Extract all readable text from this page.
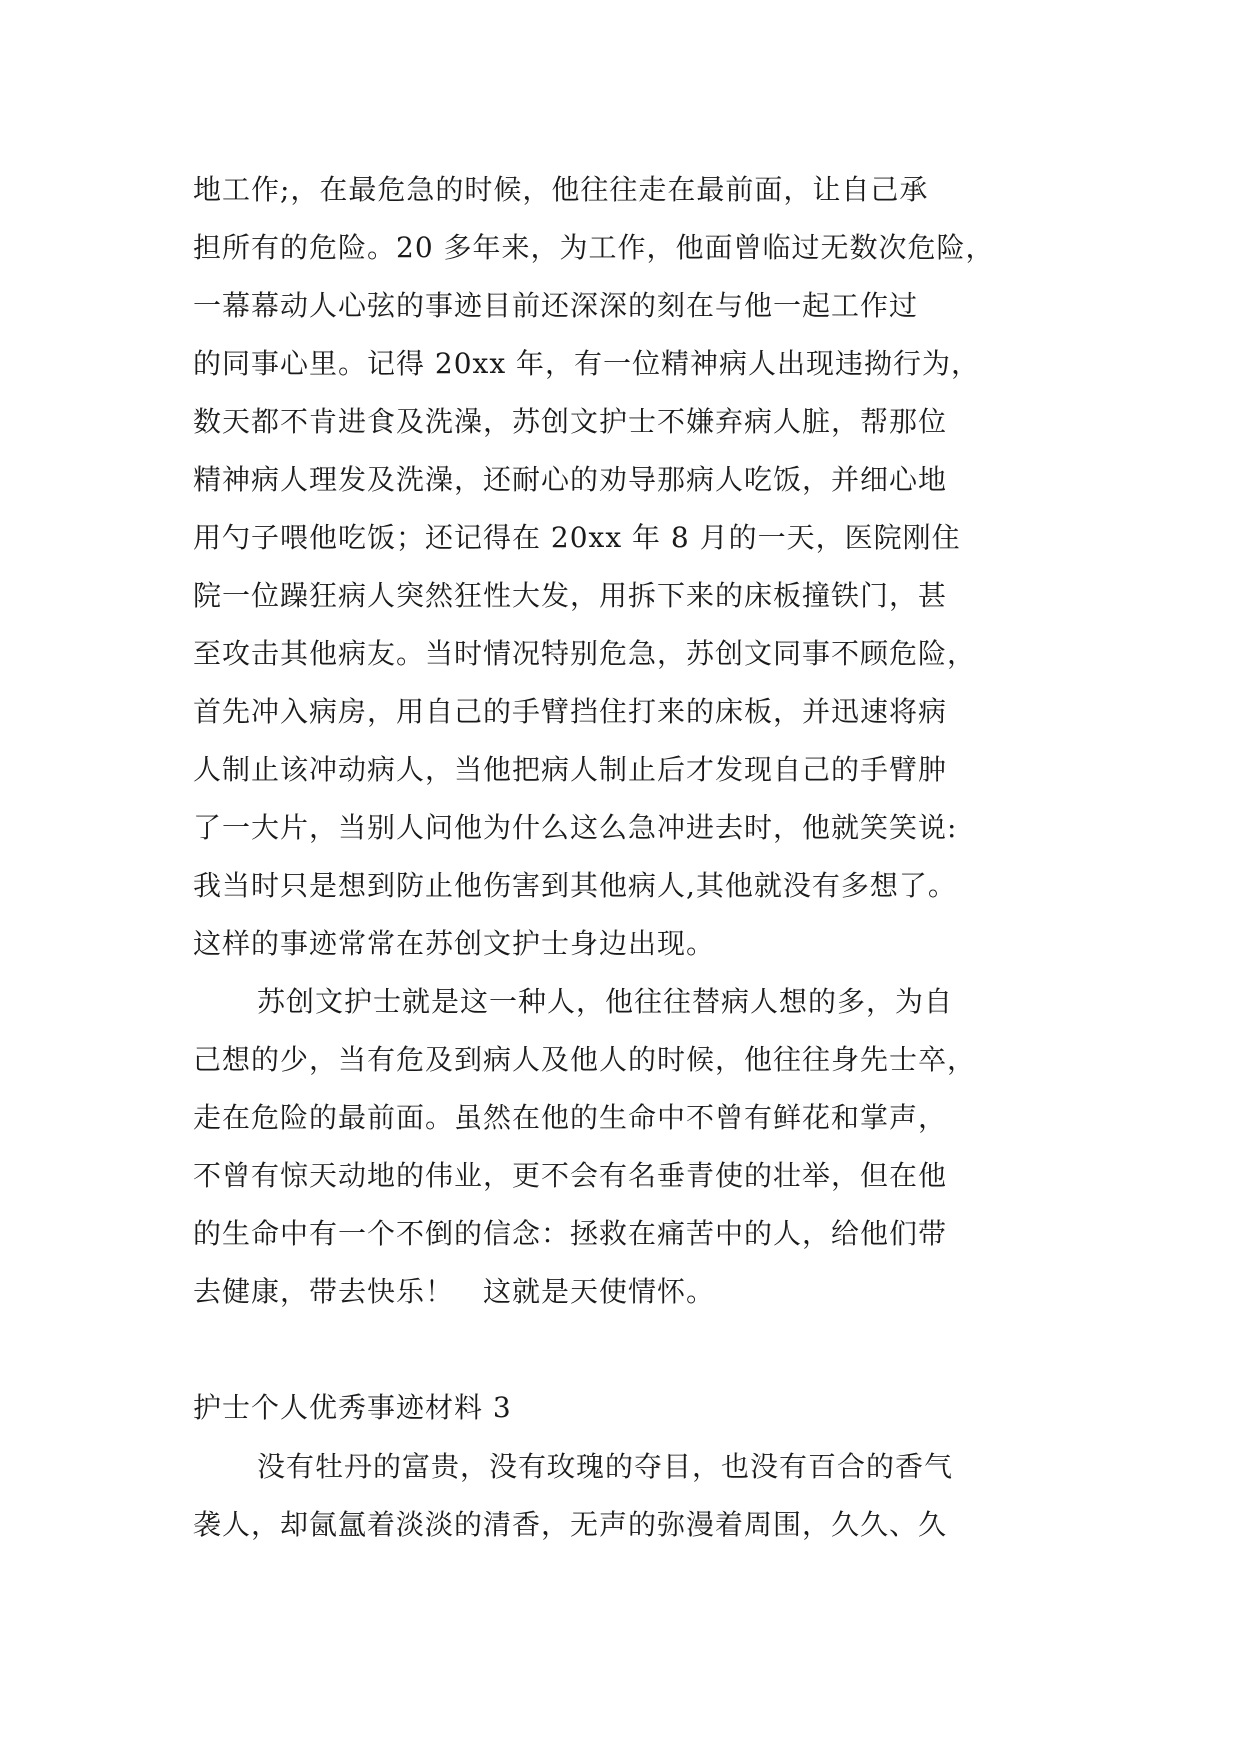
地工作;，在最危急的时候，他往往走在最前面，让自己承
担所有的危险。20 多年来，为工作，他面曾临过无数次危险，
一幕幕动人心弦的事迹目前还深深的刻在与他一起工作过
的同事心里。记得 20xx 年，有一位精神病人出现违拗行为，
数天都不肯进食及洗澡，苏创文护士不嫌弃病人脏，帮那位
精神病人理发及洗澡，还耐心的劝导那病人吃饭，并细心地
用勺子喂他吃饭；还记得在 20xx 年 8 月的一天，医院刚住
院一位躁狂病人突然狂性大发，用拆下来的床板撞铁门，甚
至攻击其他病友。当时情况特别危急，苏创文同事不顾危险，
首先冲入病房，用自己的手臂挡住打来的床板，并迅速将病
人制止该冲动病人，当他把病人制止后才发现自己的手臂肿
了一大片，当别人问他为什么这么急冲进去时，他就笑笑说:
我当时只是想到防止他伤害到其他病人,其他就没有多想了。
这样的事迹常常在苏创文护士身边出现。
苏创文护士就是这一种人，他往往替病人想的多，为自
己想的少，当有危及到病人及他人的时候，他往往身先士卒，
走在危险的最前面。虽然在他的生命中不曾有鲜花和掌声，
不曾有惊天动地的伟业，更不会有名垂青使的壮举，但在他
的生命中有一个不倒的信念：拯救在痛苦中的人，给他们带
去健康，带去快乐！　这就是天使情怀。
护士个人优秀事迹材料 3
没有牡丹的富贵，没有玫瑰的夺目，也没有百合的香气
袭人，却氤氲着淡淡的清香，无声的弥漫着周围，久久、久
